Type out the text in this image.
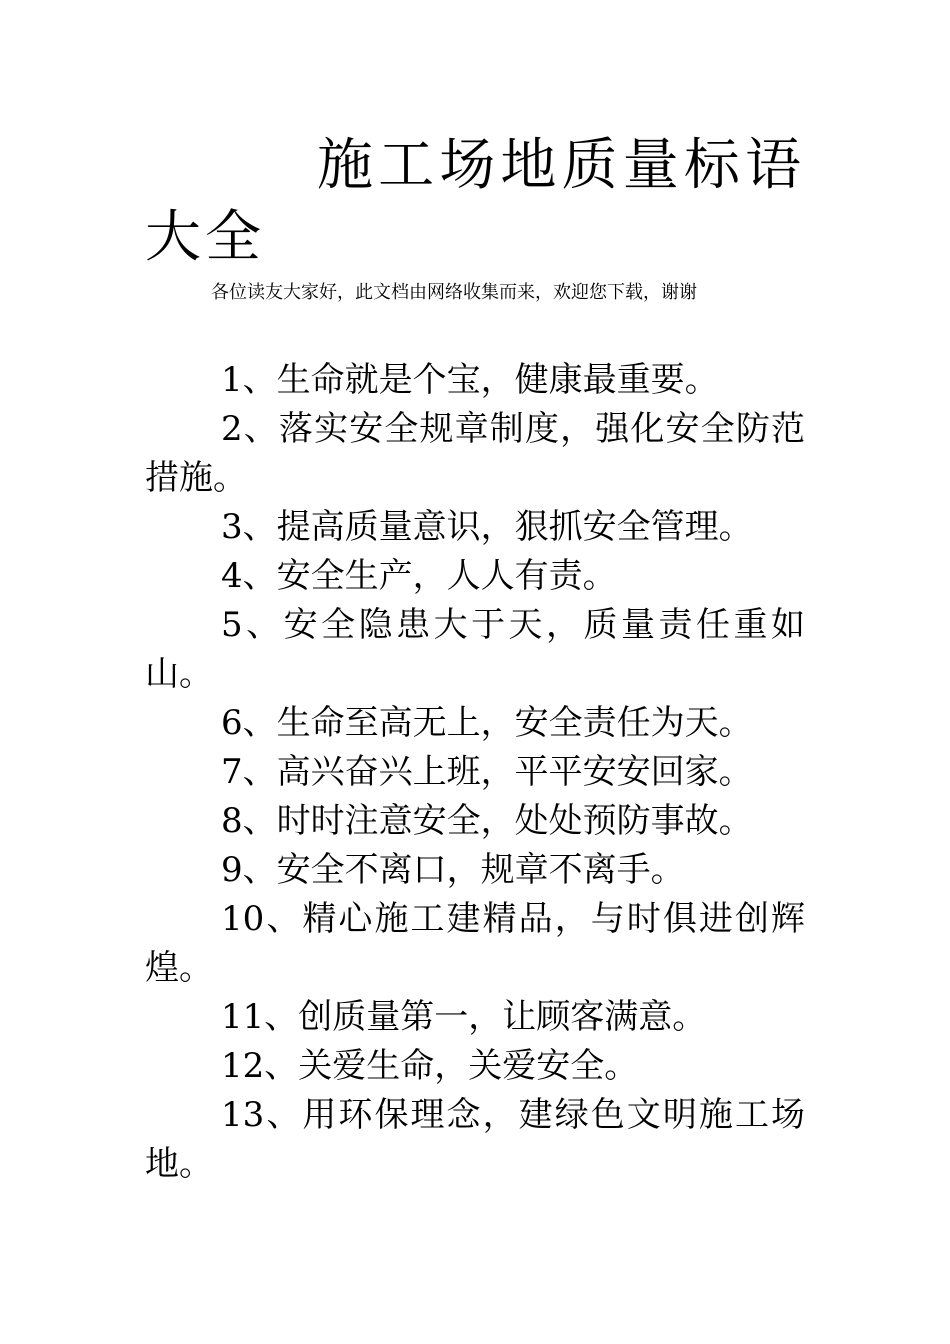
施工场地质量标语大全

各位读友大家好，此文档由网络收集而来，欢迎您下载，谢谢

1、生命就是个宝，健康最重要。
2、落实安全规章制度，强化安全防范措施。
3、提高质量意识，狠抓安全管理。
4、安全生产，人人有责。
5、安全隐患大于天，质量责任重如山。
6、生命至高无上，安全责任为天。
7、高兴奋兴上班，平平安安回家。
8、时时注意安全，处处预防事故。
9、安全不离口，规章不离手。
10、精心施工建精品，与时俱进创辉煌。
11、创质量第一，让顾客满意。
12、关爱生命，关爱安全。
13、用环保理念，建绿色文明施工场地。
